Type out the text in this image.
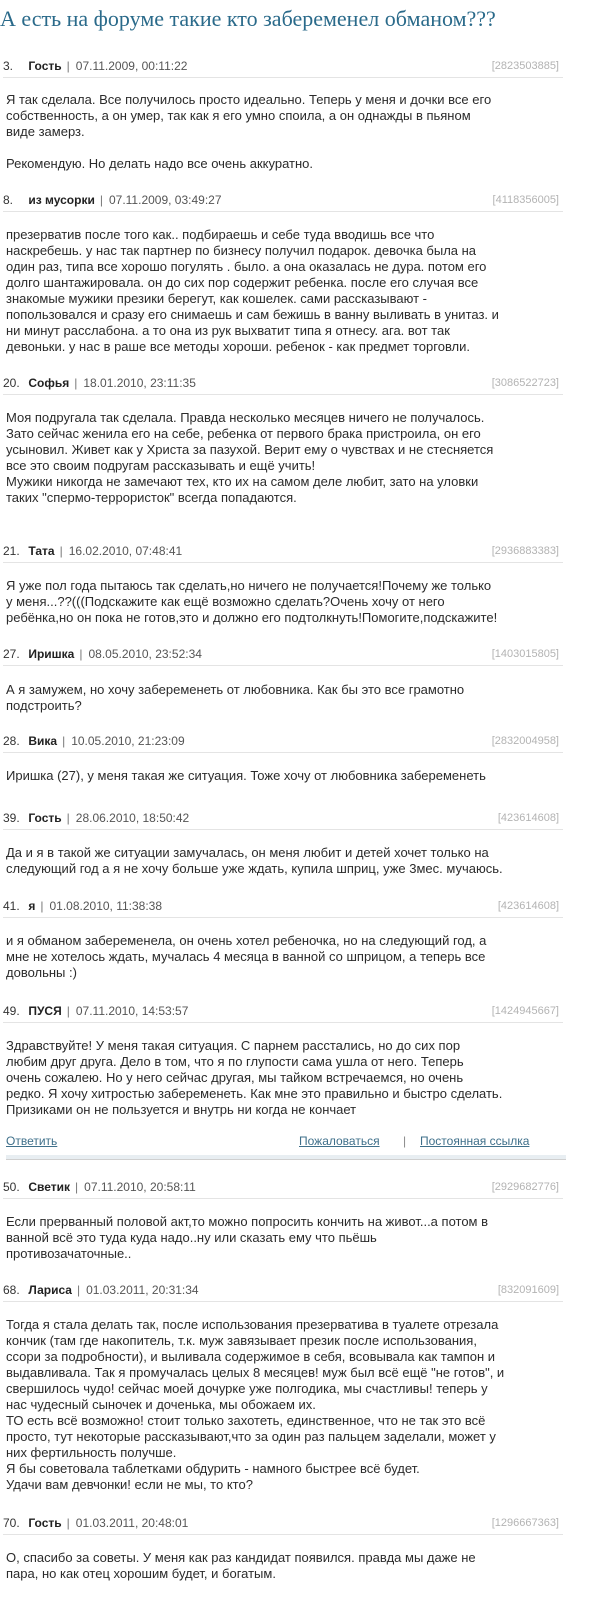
А есть на форуме такие кто забеременел обманом???
3. Гость | 07.11.2009, 00:11:22	[2823503885]

Я так сделала. Все получилось просто идеально. Теперь у меня и дочки все его
собственность, а он умер, так как я его умно споила, а он однажды в пьяном
виде замерз.

Рекомендую. Но делать надо все очень аккуратно.

8. из мусорки | 07.11.2009, 03:49:27	[4118356005]

презерватив после того как.. подбираешь и себе туда вводишь все что
наскребешь. у нас так партнер по бизнесу получил подарок. девочка была на
один раз, типа все хорошо погулять . было. а она оказалась не дура. потом его
долго шантажировала. он до сих пор содержит ребенка. после его случая все
знакомые мужики презики берегут, как кошелек. сами рассказывают -
попользовался и сразу его снимаешь и сам бежишь в ванну выливать в унитаз. и
ни минут расслабона. а то она из рук выхватит типа я отнесу. ага. вот так
девоньки. у нас в раше все методы хороши. ребенок - как предмет торговли.

20. Софья | 18.01.2010, 23:11:35	[3086522723]

Моя подругала так сделала. Правда несколько месяцев ничего не получалось.
Зато сейчас женила его на себе, ребенка от первого брака пристроила, он его
усыновил. Живет как у Христа за пазухой. Верит ему о чувствах и не стесняется
все это своим подругам рассказывать и ещё учить!
Мужики никогда не замечают тех, кто их на самом деле любит, зато на уловки
таких "спермо-террористок" всегда попадаются.

21. Тата | 16.02.2010, 07:48:41	[2936883383]

Я уже пол года пытаюсь так сделать,но ничего не получается!Почему же только
у меня...??(((Подскажите как ещё возможно сделать?Очень хочу от него
ребёнка,но он пока не готов,это и должно его подтолкнуть!Помогите,подскажите!

27. Иришка | 08.05.2010, 23:52:34	[1403015805]

А я замужем, но хочу забеременеть от любовника. Как бы это все грамотно
подстроить?

28. Вика | 10.05.2010, 21:23:09	[2832004958]

Иришка (27), у меня такая же ситуация. Тоже хочу от любовника забеременеть

39. Гость | 28.06.2010, 18:50:42	[423614608]

Да и я в такой же ситуации замучалась, он меня любит и детей хочет только на
следующий год а я не хочу больше уже ждать, купила шприц, уже 3мес. мучаюсь.

41. я | 01.08.2010, 11:38:38	[423614608]

и я обманом забеременела, он очень хотел ребеночка, но на следующий год, а
мне не хотелось ждать, мучалась 4 месяца в ванной со шприцом, а теперь все
довольны :)

49. ПУСЯ | 07.11.2010, 14:53:57	[1424945667]

Здравствуйте! У меня такая ситуация. С парнем расстались, но до сих пор
любим друг друга. Дело в том, что я по глупости сама ушла от него. Теперь
очень сожалею. Но у него сейчас другая, мы тайком встречаемся, но очень
редко. Я хочу хитростью забеременеть. Как мне это правильно и быстро сделать.
Призиками он не пользуется и внутрь ни когда не кончает

Ответить	Пожаловаться | Постоянная ссылка
50. Светик | 07.11.2010, 20:58:11	[2929682776]

Если прерванный половой акт,то можно попросить кончить на живот...а потом в
ванной всё это туда куда надо..ну или сказать ему что пьёшь
противозачаточные..

68. Лариса | 01.03.2011, 20:31:34	[832091609]

Тогда я стала делать так, после использования презерватива в туалете отрезала
кончик (там где накопитель, т.к. муж завязывает презик после использования,
ссори за подробности), и выливала содержимое в себя, всовывала как тампон и
выдавливала. Так я промучалась целых 8 месяцев! муж был всё ещё "не готов", и
свершилось чудо! сейчас моей дочурке уже полгодика, мы счастливы! теперь у
нас чудесный сыночек и доченька, мы обожаем их.
ТО есть всё возможно! стоит только захотеть, единственное, что не так это всё
просто, тут некоторые рассказывают,что за один раз пальцем заделали, может у
них фертильность получше.
Я бы советовала таблетками обдурить - намного быстрее всё будет.
Удачи вам девчонки! если не мы, то кто?

70. Гость | 01.03.2011, 20:48:01	[1296667363]

О, спасибо за советы. У меня как раз кандидат появился. правда мы даже не
пара, но как отец хорошим будет, и богатым.
